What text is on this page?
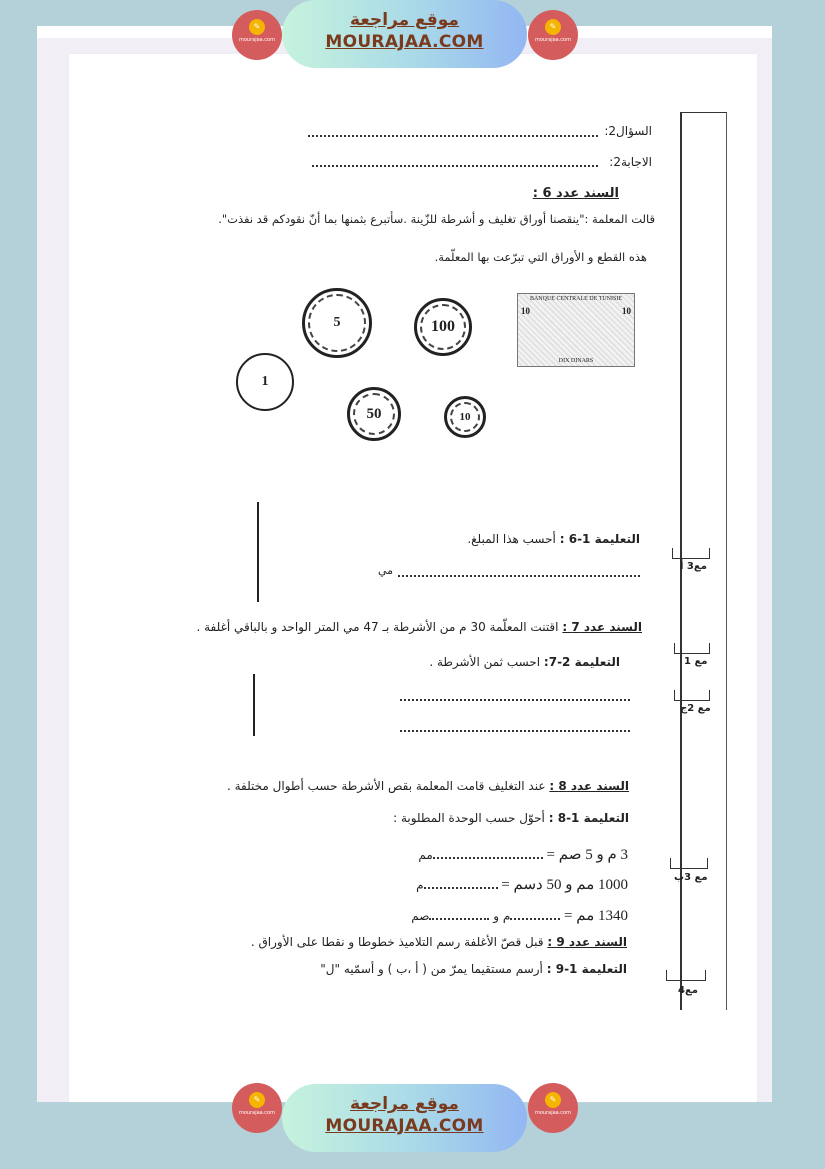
✎
mourajaa.com
موقع مراجعة
MOURAJAA.COM
✎
mourajaa.com
مع3 أ
مع 1
مع 2ج
مع 3ب
مع4
السؤال2:
الاجابة2:
السند عدد 6 :
قالت المعلمة :"ينقصنا أوراق تغليف و أشرطة للزّينة .سأتبرع بثمنها بما أنّ نقودكم قد نفذت".
هذه القطع و الأوراق التي تبرّعت بها المعلّمة.
5	100
1
50	10
BANQUE CENTRALE DE TUNISIE
10	10
DIX DINARS
التعليمة 1-6 : أحسب هذا المبلغ.
مي
السند عدد 7 : اقتنت المعلّمة 30 م من الأشرطة بـ 47 مي المتر الواحد و بالباقي أغلفة .
التعليمة 2-7: احسب ثمن الأشرطة .
السند عدد 8 : عند التغليف قامت المعلمة بقص الأشرطة حسب أطوال مختلفة .
التعليمة 1-8 : أحوّل حسب الوحدة المطلوبة :
3 م و 5 صم = مم
1000 مم و 50 دسم = م
1340 مم = م و صم
السند عدد 9 : قبل قصّ الأغلفة رسم التلاميذ خطوطا و نقطا على الأوراق .
التعليمة 1-9 : أرسم مستقيما يمرّ من ( أ ،ب ) و أسمّيه "ل"
✎
mourajaa.com	موقع مراجعة
MOURAJAA.COM
✎
mourajaa.com
